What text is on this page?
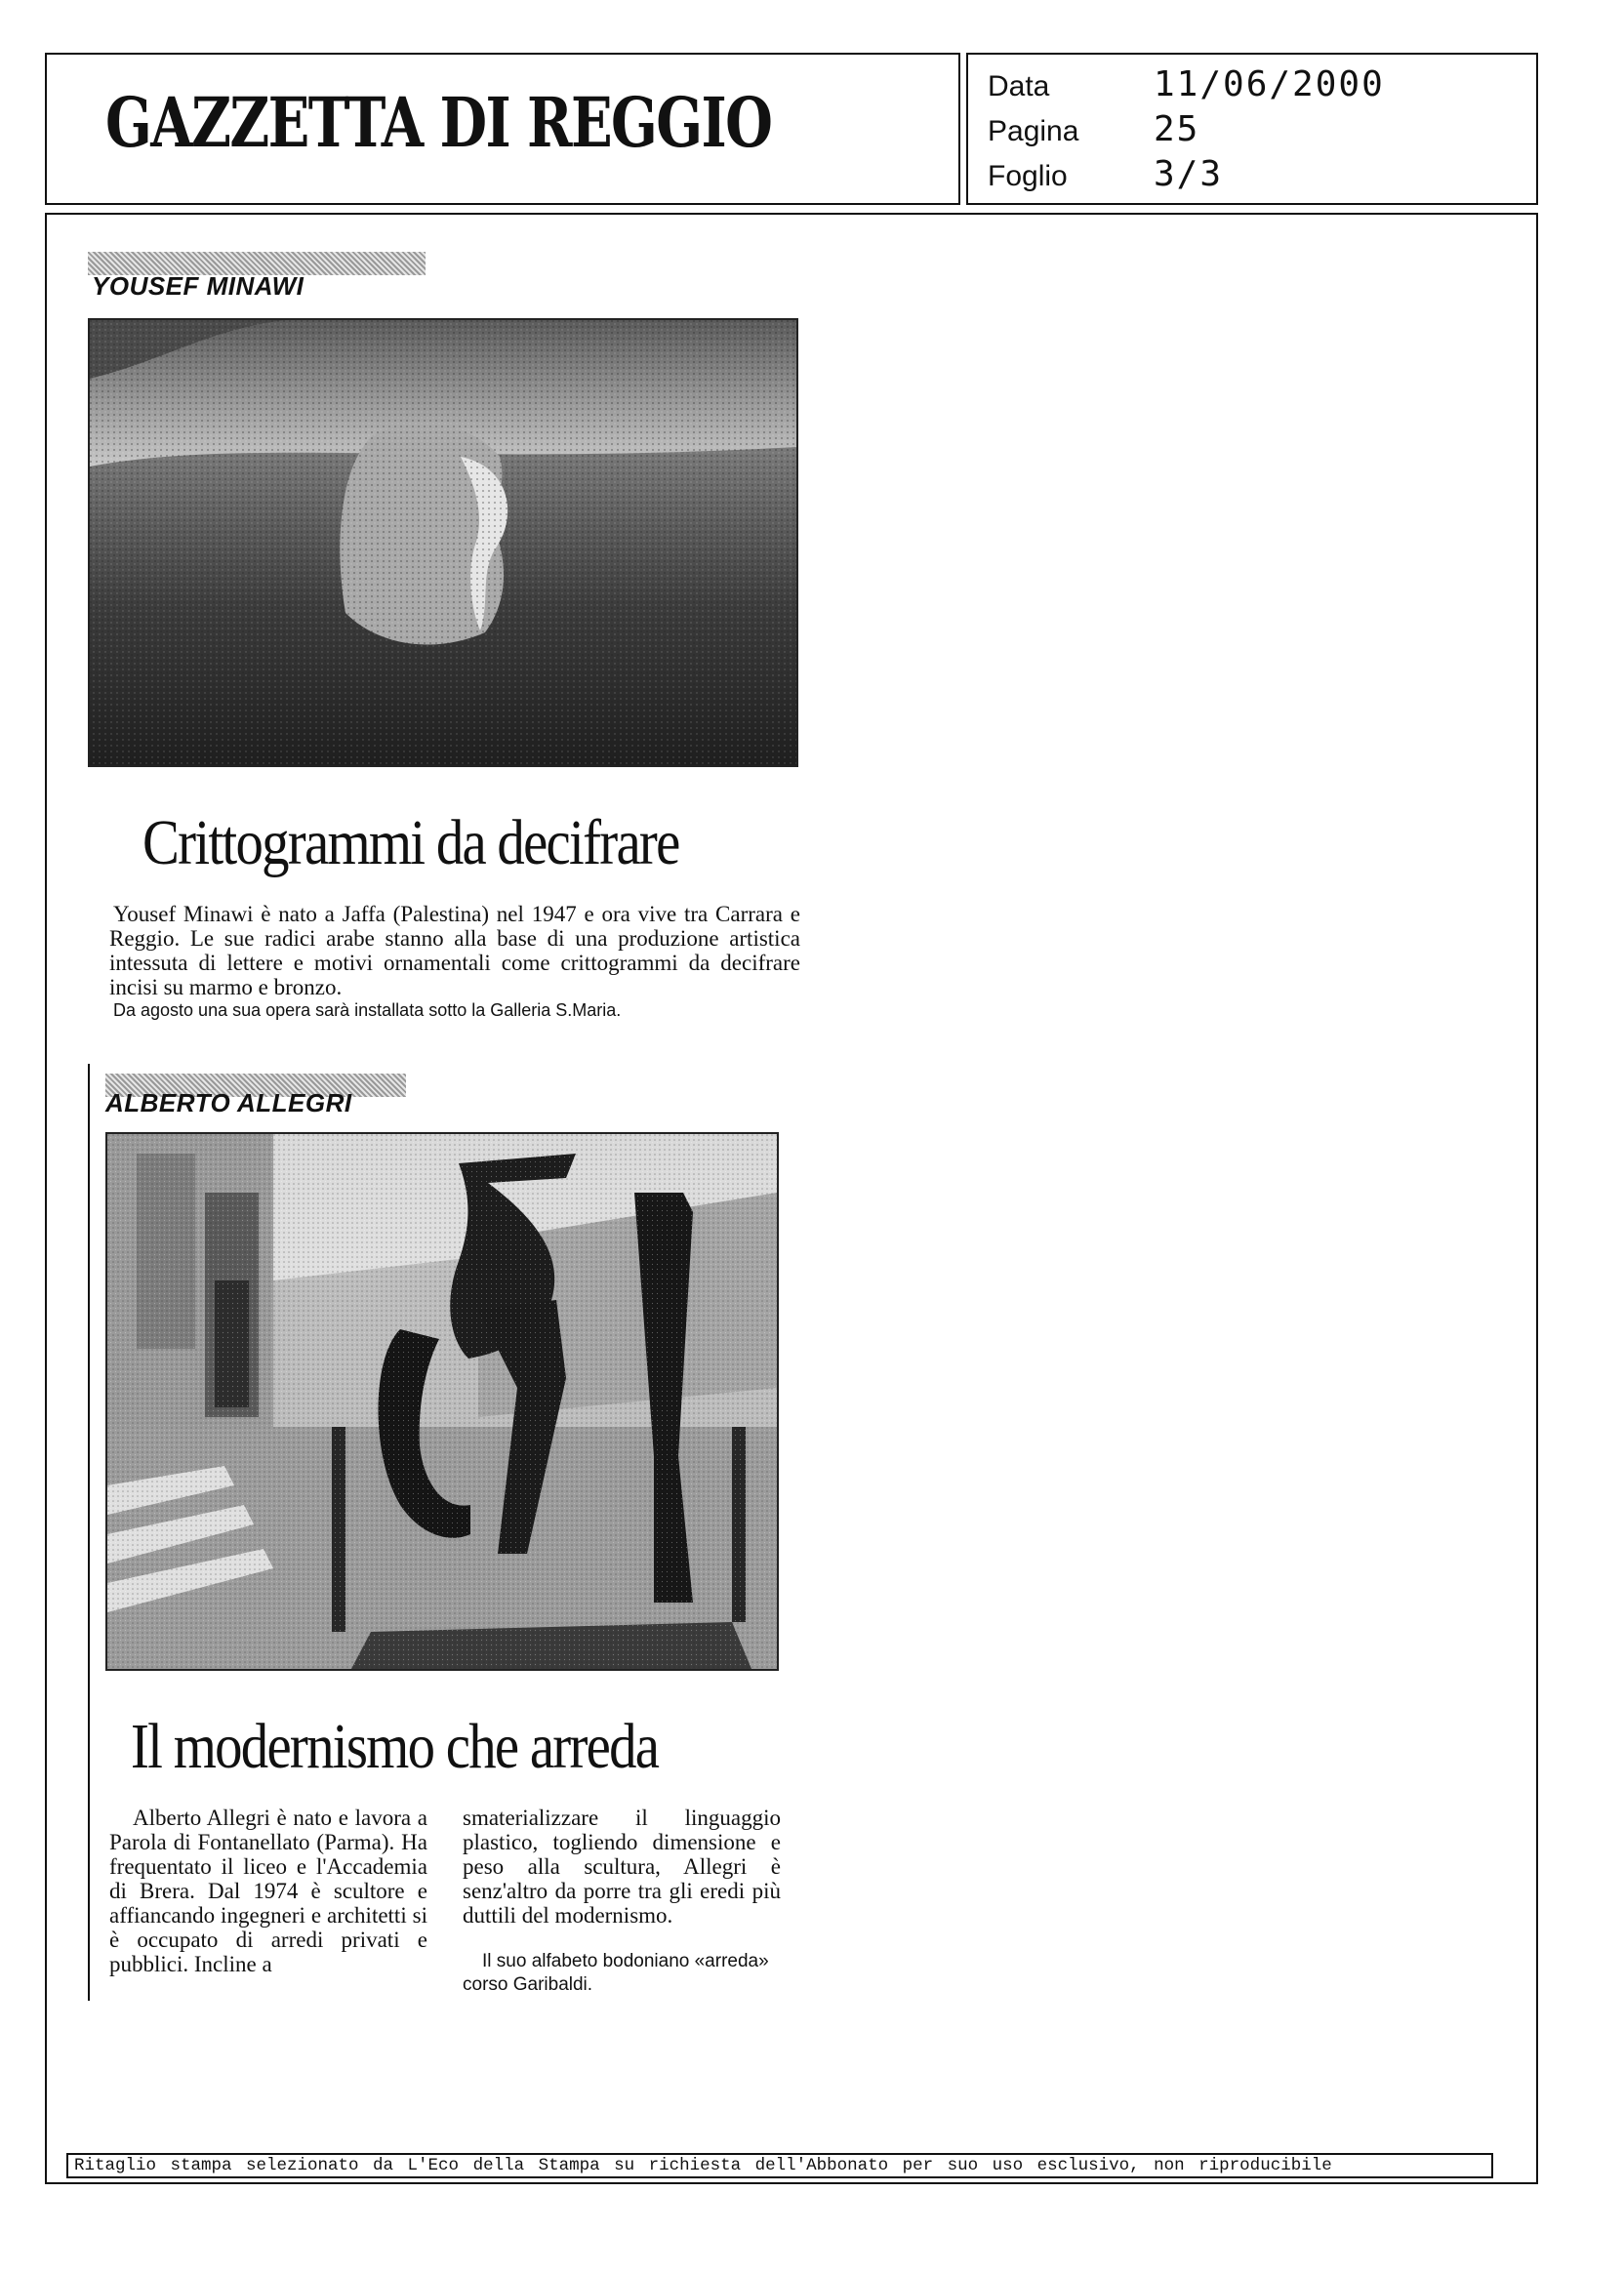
GAZZETTA DI REGGIO	Data	11/06/2000
Pagina 25
Foglio 3/3
YOUSEF MINAWI
Crittogrammi da decifrare
Yousef Minawi è nato a Jaffa (Palestina) nel 1947 e ora vive tra Carrara e Reggio. Le sue radici arabe stanno alla base di una produzione artistica intessuta di lettere e motivi ornamentali come crittogrammi da decifrare incisi su marmo e bronzo.
Da agosto una sua opera sarà installata sotto la Galleria S.Maria.
ALBERTO ALLEGRI
Il modernismo che arreda
Alberto Allegri è nato e lavora a Parola di Fontanellato (Parma). Ha frequentato il liceo e l'Accademia di Brera. Dal 1974 è scultore e affiancando ingegneri e architetti si è occupato di arredi privati e pubblici. Incline a
smaterializzare il linguaggio plastico, togliendo dimensione e peso alla scultura, Allegri è senz'altro da porre tra gli eredi più duttili del modernismo.
Il suo alfabeto bodoniano «arreda» corso Garibaldi.
Ritaglio stampa selezionato da L'Eco della Stampa su richiesta dell'Abbonato per suo uso esclusivo, non riproducibile
